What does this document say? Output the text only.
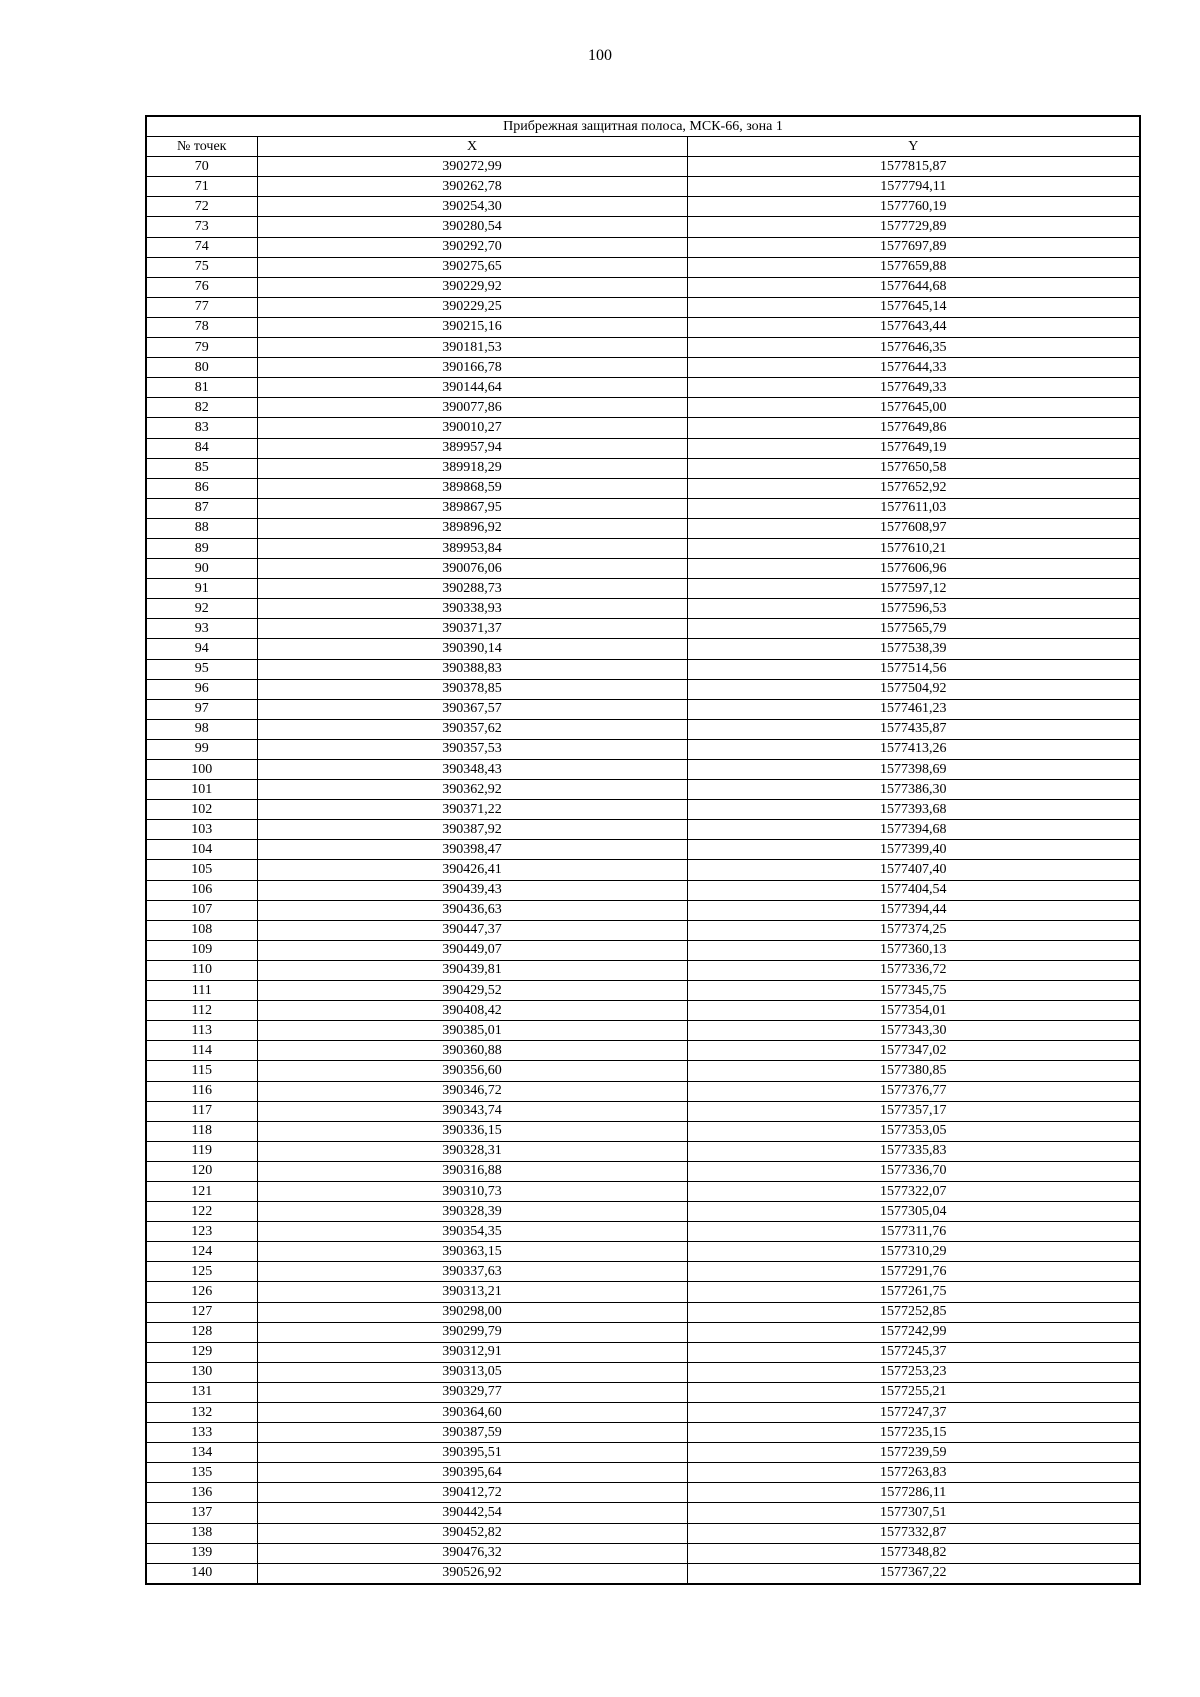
100
Прибрежная защитная полоса, МСК-66, зона 1		
№ точек	X	Y
70	390272,99	1577815,87
71	390262,78	1577794,11
72	390254,30	1577760,19
73	390280,54	1577729,89
74	390292,70	1577697,89
75	390275,65	1577659,88
76	390229,92	1577644,68
77	390229,25	1577645,14
78	390215,16	1577643,44
79	390181,53	1577646,35
80	390166,78	1577644,33
81	390144,64	1577649,33
82	390077,86	1577645,00
83	390010,27	1577649,86
84	389957,94	1577649,19
85	389918,29	1577650,58
86	389868,59	1577652,92
87	389867,95	1577611,03
88	389896,92	1577608,97
89	389953,84	1577610,21
90	390076,06	1577606,96
91	390288,73	1577597,12
92	390338,93	1577596,53
93	390371,37	1577565,79
94	390390,14	1577538,39
95	390388,83	1577514,56
96	390378,85	1577504,92
97	390367,57	1577461,23
98	390357,62	1577435,87
99	390357,53	1577413,26
100	390348,43	1577398,69
101	390362,92	1577386,30
102	390371,22	1577393,68
103	390387,92	1577394,68
104	390398,47	1577399,40
105	390426,41	1577407,40
106	390439,43	1577404,54
107	390436,63	1577394,44
108	390447,37	1577374,25
109	390449,07	1577360,13
110	390439,81	1577336,72
111	390429,52	1577345,75
112	390408,42	1577354,01
113	390385,01	1577343,30
114	390360,88	1577347,02
115	390356,60	1577380,85
116	390346,72	1577376,77
117	390343,74	1577357,17
118	390336,15	1577353,05
119	390328,31	1577335,83
120	390316,88	1577336,70
121	390310,73	1577322,07
122	390328,39	1577305,04
123	390354,35	1577311,76
124	390363,15	1577310,29
125	390337,63	1577291,76
126	390313,21	1577261,75
127	390298,00	1577252,85
128	390299,79	1577242,99
129	390312,91	1577245,37
130	390313,05	1577253,23
131	390329,77	1577255,21
132	390364,60	1577247,37
133	390387,59	1577235,15
134	390395,51	1577239,59
135	390395,64	1577263,83
136	390412,72	1577286,11
137	390442,54	1577307,51
138	390452,82	1577332,87
139	390476,32	1577348,82
140	390526,92	1577367,22
